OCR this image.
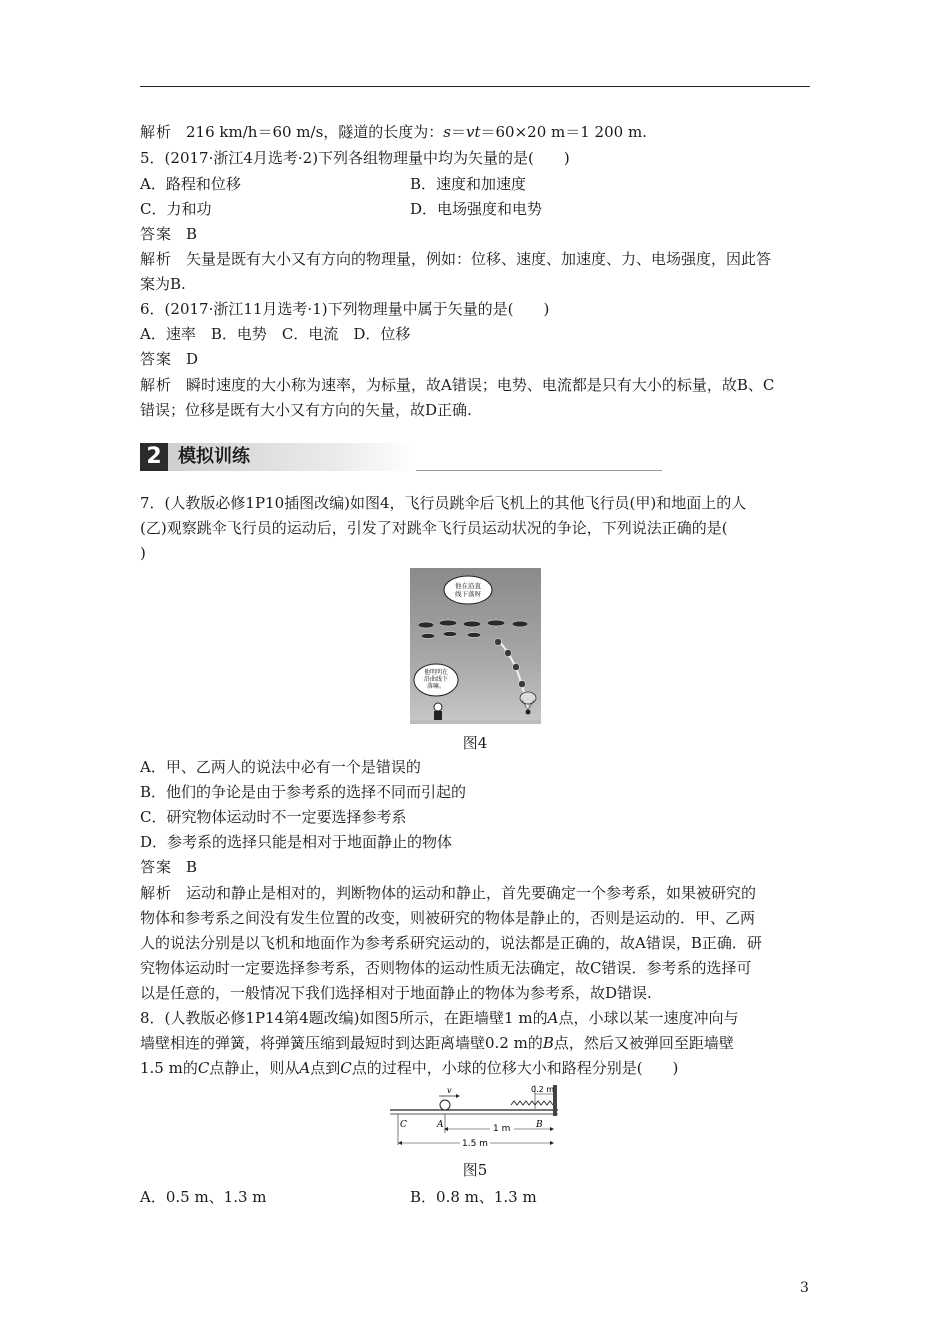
解析 216 km/h＝60 m/s，隧道的长度为：s＝vt＝60×20 m＝1 200 m.
5．(2017·浙江4月选考·2)下列各组物理量中均为矢量的是(　　)
A．路程和位移	B．速度和加速度
C．力和功	D．电场强度和电势
答案 B
解析 矢量是既有大小又有方向的物理量，例如：位移、速度、加速度、力、电场强度，因此答
案为B.
6．(2017·浙江11月选考·1)下列物理量中属于矢量的是(　　)
A．速率　B．电势　C．电流　D．位移
答案 D
解析 瞬时速度的大小称为速率，为标量，故A错误；电势、电流都是只有大小的标量，故B、C
错误；位移是既有大小又有方向的矢量，故D正确.
2 模拟训练
7．(人教版必修1P10插图改编)如图4，飞行员跳伞后飞机上的其他飞行员(甲)和地面上的人
(乙)观察跳伞飞行员的运动后，引发了对跳伞飞行员运动状况的争论，下列说法正确的是(
)
他在沿直
线下落呀
他明明在
沿曲线下
落嘛。
图4
A．甲、乙两人的说法中必有一个是错误的
B．他们的争论是由于参考系的选择不同而引起的
C．研究物体运动时不一定要选择参考系
D．参考系的选择只能是相对于地面静止的物体
答案 B
解析 运动和静止是相对的，判断物体的运动和静止，首先要确定一个参考系，如果被研究的
物体和参考系之间没有发生位置的改变，则被研究的物体是静止的，否则是运动的．甲、乙两
人的说法分别是以飞机和地面作为参考系研究运动的，说法都是正确的，故A错误，B正确．研
究物体运动时一定要选择参考系，否则物体的运动性质无法确定，故C错误．参考系的选择可
以是任意的，一般情况下我们选择相对于地面静止的物体为参考系，故D错误.
8．(人教版必修1P14第4题改编)如图5所示，在距墙壁1 m的A点，小球以某一速度冲向与
墙壁相连的弹簧，将弹簧压缩到最短时到达距离墙壁0.2 m的B点，然后又被弹回至距墙壁
1.5 m的C点静止，则从A点到C点的过程中，小球的位移大小和路程分别是(　　)
v	0.2 m
C	A	B
1 m
1.5 m
图5
A．0.5 m、1.3 m	B．0.8 m、1.3 m
3
